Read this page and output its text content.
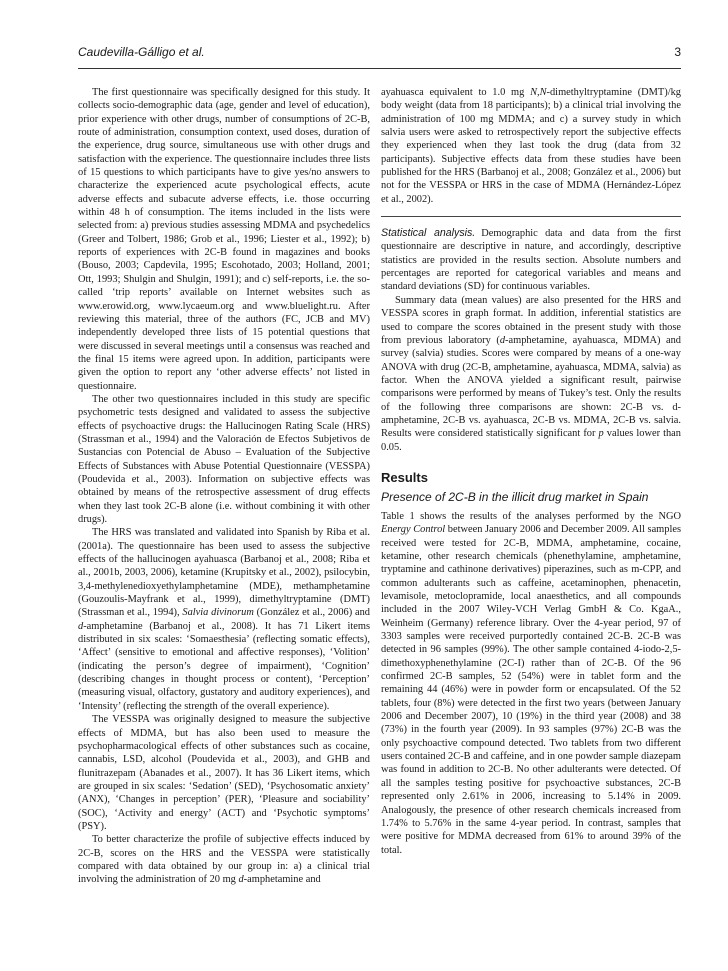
Caudevilla-Gálligo et al.	3

The first questionnaire was specifically designed for this study. It collects socio-demographic data (age, gender and level of education), prior experience with other drugs, number of consumptions of 2C-B, route of administration, consumption context, used doses, duration of the experience, drug source, simultaneous use with other drugs and satisfaction with the experience. The questionnaire includes three lists of 15 questions to which participants have to give yes/no answers to characterize the experienced acute psychological effects, acute adverse effects and subacute adverse effects, i.e. those occurring within 48 h of consumption. The items included in the lists were selected from: a) previous studies assessing MDMA and psychedelics (Greer and Tolbert, 1986; Grob et al., 1996; Liester et al., 1992); b) reports of experiences with 2C-B found in magazines and books (Bouso, 2003; Capdevila, 1995; Escohotado, 2003; Holland, 2001; Ott, 1993; Shulgin and Shulgin, 1991); and c) self-reports, i.e. the so-called ‘trip reports’ available on Internet websites such as www.erowid.org, www.lycaeum.org and www.bluelight.ru. After reviewing this material, three of the authors (FC, JCB and MV) independently developed three lists of 15 potential questions that were discussed in several meetings until a consensus was reached and the final 15 items were agreed upon. In addition, participants were given the option to report any ‘other adverse effects’ not listed in questionnaire.

The other two questionnaires included in this study are specific psychometric tests designed and validated to assess the subjective effects of psychoactive drugs: the Hallucinogen Rating Scale (HRS) (Strassman et al., 1994) and the Valoración de Efectos Subjetivos de Sustancias con Potencial de Abuso – Evaluation of the Subjective Effects of Substances with Abuse Potential Questionnaire (VESSPA) (Poudevida et al., 2003). Information on subjective effects was obtained by means of the retrospective assessment of drug effects when they last took 2C-B alone (i.e. without combining it with other drugs).

The HRS was translated and validated into Spanish by Riba et al. (2001a). The questionnaire has been used to assess the subjective effects of the hallucinogen ayahuasca (Barbanoj et al., 2008; Riba et al., 2001b, 2003, 2006), ketamine (Krupitsky et al., 2002), psilocybin, 3,4-methylenedioxyethylamphetamine (MDE), methamphetamine (Gouzoulis-Mayfrank et al., 1999), dimethyltryptamine (DMT) (Strassman et al., 1994), Salvia divinorum (González et al., 2006) and d-amphetamine (Barbanoj et al., 2008). It has 71 Likert items distributed in six scales: ‘Somaesthesia’ (reflecting somatic effects), ‘Affect’ (sensitive to emotional and affective responses), ‘Volition’ (indicating the person’s degree of impairment), ‘Cognition’ (describing changes in thought process or content), ‘Perception’ (measuring visual, olfactory, gustatory and auditory experiences), and ‘Intensity’ (reflecting the strength of the overall experience).

The VESSPA was originally designed to measure the subjective effects of MDMA, but has also been used to measure the psychopharmacological effects of other substances such as cocaine, cannabis, LSD, alcohol (Poudevida et al., 2003), and GHB and flunitrazepam (Abanades et al., 2007). It has 36 Likert items, which are grouped in six scales: ‘Sedation’ (SED), ‘Psychosomatic anxiety’ (ANX), ‘Changes in perception’ (PER), ‘Pleasure and sociability’ (SOC), ‘Activity and energy’ (ACT) and ‘Psychotic symptoms’ (PSY).

To better characterize the profile of subjective effects induced by 2C-B, scores on the HRS and the VESSPA were statistically compared with data obtained by our group in: a) a clinical trial involving the administration of 20 mg d-amphetamine and

ayahuasca equivalent to 1.0 mg N,N-dimethyltryptamine (DMT)/kg body weight (data from 18 participants); b) a clinical trial involving the administration of 100 mg MDMA; and c) a survey study in which salvia users were asked to retrospectively report the subjective effects they experienced when they last took the drug (data from 32 participants). Subjective effects data from these studies have been published for the HRS (Barbanoj et al., 2008; González et al., 2006) but not for the VESSPA or HRS in the case of MDMA (Hernández-López et al., 2002).

Statistical analysis. Demographic data and data from the first questionnaire are descriptive in nature, and accordingly, descriptive statistics are provided in the results section. Absolute numbers and percentages are reported for categorical variables and means and standard deviations (SD) for continuous variables.

Summary data (mean values) are also presented for the HRS and VESSPA scores in graph format. In addition, inferential statistics are used to compare the scores obtained in the present study with those from previous laboratory (d-amphetamine, ayahuasca, MDMA) and survey (salvia) studies. Scores were compared by means of a one-way ANOVA with drug (2C-B, amphetamine, ayahuasca, MDMA, salvia) as factor. When the ANOVA yielded a significant result, pairwise comparisons were performed by means of Tukey’s test. Only the results of the following three comparisons are shown: 2C-B vs. d-amphetamine, 2C-B vs. ayahuasca, 2C-B vs. MDMA, 2C-B vs. salvia. Results were considered statistically significant for p values lower than 0.05.

Results
Presence of 2C-B in the illicit drug market in Spain

Table 1 shows the results of the analyses performed by the NGO Energy Control between January 2006 and December 2009. All samples received were tested for 2C-B, MDMA, amphetamine, cocaine, ketamine, other research chemicals (phenethylamine, amphetamine, tryptamine and cathinone derivatives) piperazines, such as m-CPP, and common adulterants such as caffeine, acetaminophen, phenacetin, levamisole, metoclopramide, local anaesthetics, and all compounds included in the 2007 Wiley-VCH Verlag GmbH & Co. KgaA., Weinheim (Germany) reference library. Over the 4-year period, 97 of 3303 samples were received purportedly contained 2C-B. 2C-B was detected in 96 samples (99%). The other sample contained 4-iodo-2,5-dimethoxyphenethylamine (2C-I) rather than of 2C-B. Of the 96 confirmed 2C-B samples, 52 (54%) were in tablet form and the remaining 44 (46%) were in powder form or encapsulated. Of the 52 tablets, four (8%) were detected in the first two years (between January 2006 and December 2007), 10 (19%) in the third year (2008) and 38 (73%) in the fourth year (2009). In 93 samples (97%) 2C-B was the only psychoactive compound detected. Two tablets from two different users contained 2C-B and caffeine, and in one powder sample diazepam was found in addition to 2C-B. No other adulterants were detected. Of all the samples testing positive for psychoactive substances, 2C-B represented only 2.61% in 2006, increasing to 5.14% in 2009. Analogously, the presence of other research chemicals increased from 1.74% to 5.76% in the same 4-year period. In contrast, samples that were positive for MDMA decreased from 61% to around 39% of the total.
